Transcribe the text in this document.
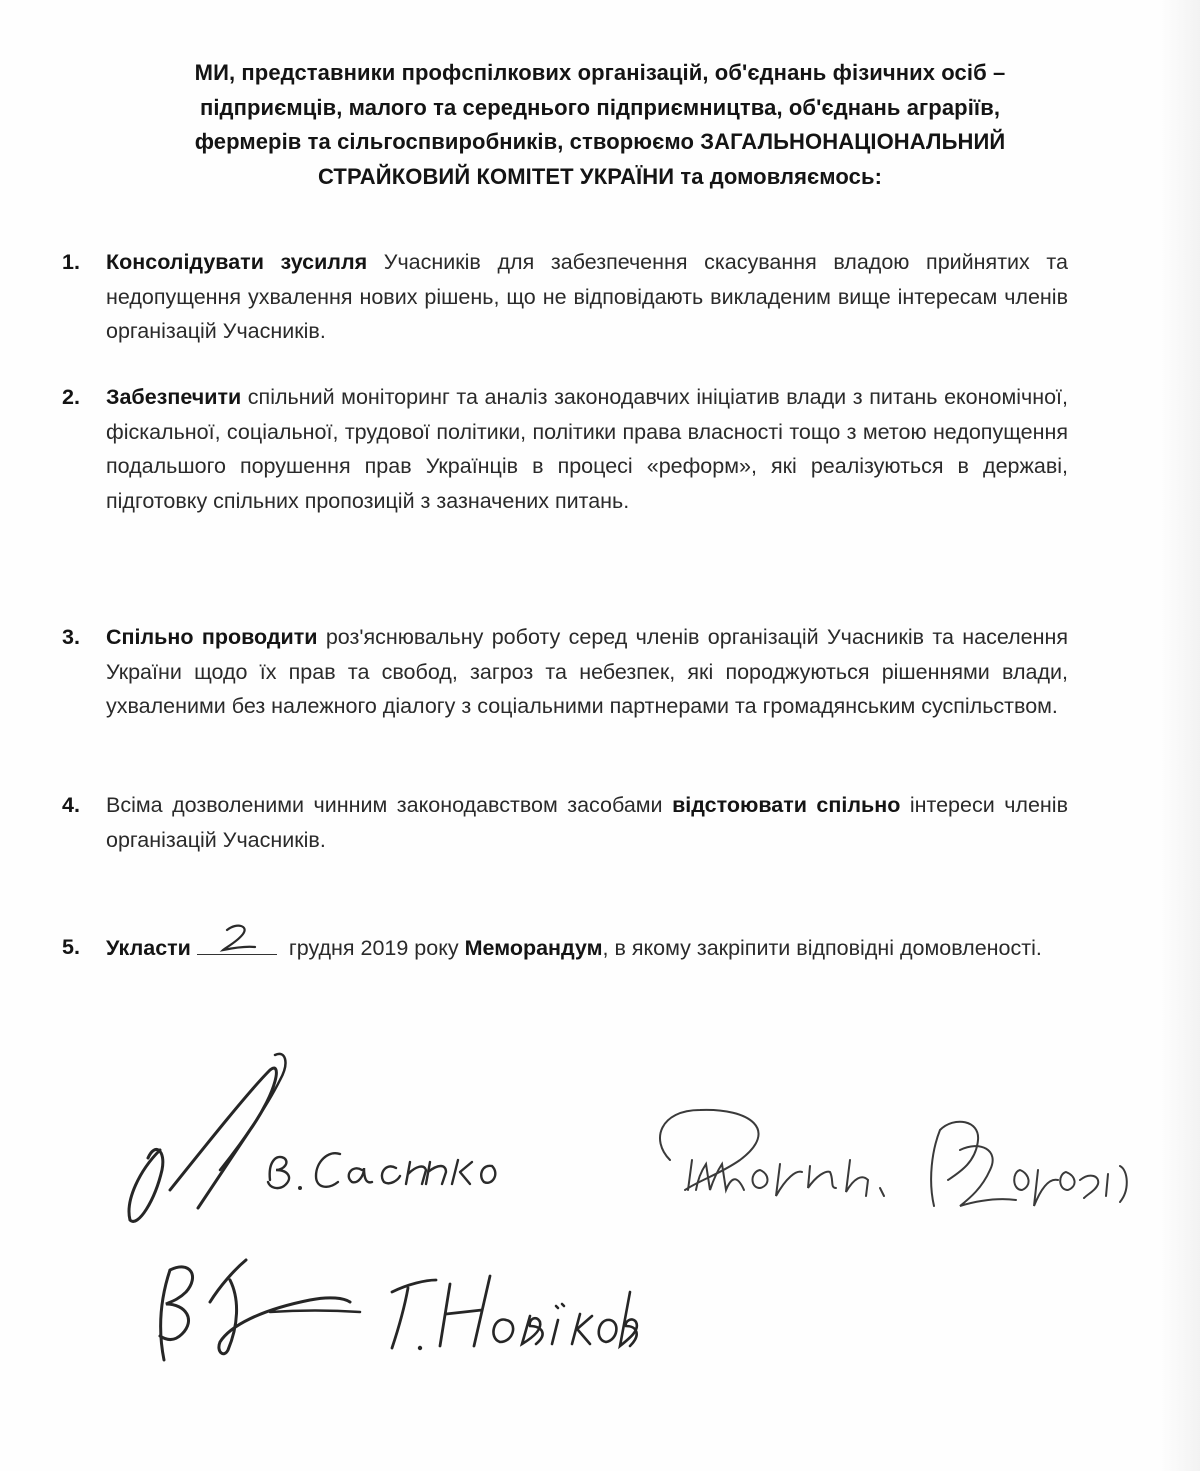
МИ, представники профспілкових організацій, об'єднань фізичних осіб –
підприємців, малого та середнього підприємництва, об'єднань аграріїв,
фермерів та сільгоспвиробників, створюємо ЗАГАЛЬНОНАЦІОНАЛЬНИЙ
СТРАЙКОВИЙ КОМІТЕТ УКРАЇНИ та домовляємось:
1. Консолідувати зусилля Учасників для забезпечення скасування владою прийнятих та недопущення ухвалення нових рішень, що не відповідають викладеним вище інтересам членів організацій Учасників.
2. Забезпечити спільний моніторинг та аналіз законодавчих ініціатив влади з питань економічної, фіскальної, соціальної, трудової політики, політики права власності тощо з метою недопущення подальшого порушення прав Українців в процесі «реформ», які реалізуються в державі, підготовку спільних пропозицій з зазначених питань.
3. Спільно проводити роз'яснювальну роботу серед членів організацій Учасників та населення України щодо їх прав та свобод, загроз та небезпек, які породжуються рішеннями влади, ухваленими без належного діалогу з соціальними партнерами та громадянським суспільством.
4. Всіма дозволеними чинним законодавством засобами відстоювати спільно інтереси членів організацій Учасників.
5. Укласти	грудня 2019 року Меморандум, в якому закріпити відповідні домовленості.
